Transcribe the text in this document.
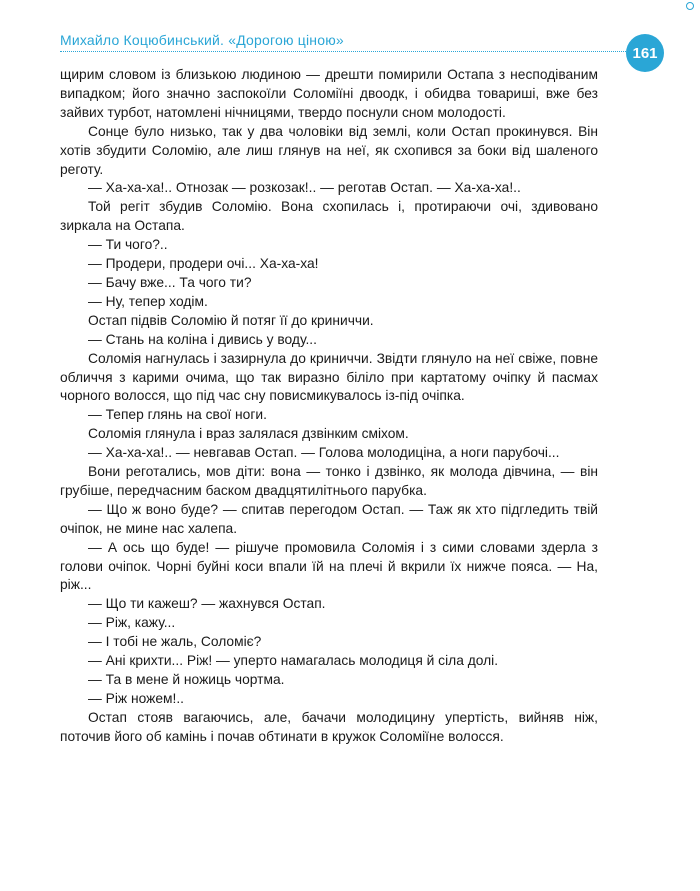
Михайло Коцюбинський. «Дорогою ціною»
161

щирим словом із близькою людиною — дрешти помирили Остапа з несподіваним випадком; його значно заспокоїли Соломіїні двоодк, і обидва товариші, вже без зайвих турбот, натомлені нічницями, твердо поснули сном молодості.

Сонце було низько, так у два чоловіки від землі, коли Остап прокинувся. Він хотів збудити Соломію, але лиш глянув на неї, як схопився за боки від шаленого реготу.

— Ха-ха-ха!.. Отнозак — розкозак!.. — реготав Остап. — Ха-ха-ха!..

Той регіт збудив Соломію. Вона схопилась і, протираючи очі, здивовано зиркала на Остапа.

— Ти чого?..

— Продери, продери очі... Ха-ха-ха!

— Бачу вже... Та чого ти?

— Ну, тепер ходім.

Остап підвів Соломію й потяг її до криниччи.

— Стань на коліна і дивись у воду...

Соломія нагнулась і зазирнула до криниччи. Звідти глянуло на неї свіже, повне обличчя з карими очима, що так виразно біліло при картатому очіпку й пасмах чорного волосся, що під час сну повисмикувалось із-під очіпка.

— Тепер глянь на свої ноги.

Соломія глянула і враз залялася дзвінким сміхом.

— Ха-ха-ха!.. — невгавав Остап. — Голова молодиціна, а ноги парубочі...

Вони реготались, мов діти: вона — тонко і дзвінко, як молода дівчина, — він грубіше, передчасним баском двадцятилітнього парубка.

— Що ж воно буде? — спитав перегодом Остап. — Таж як хто підгледить твій очіпок, не мине нас халепа.

— А ось що буде! — рішуче промовила Соломія і з сими словами здерла з голови очіпок. Чорні буйні коси впали їй на плечі й вкрили їх нижче пояса. — На, ріж...

— Що ти кажеш? — жахнувся Остап.

— Ріж, кажу...

— І тобі не жаль, Соломіє?

— Ані крихти... Ріж! — уперто намагалась молодиця й сіла долі.

— Та в мене й ножиць чортма.

— Ріж ножем!..

Остап стояв вагаючись, але, бачачи молодицину упертість, вийняв ніж, поточив його об камінь і почав обтинати в кружок Соломіїне волосся.
